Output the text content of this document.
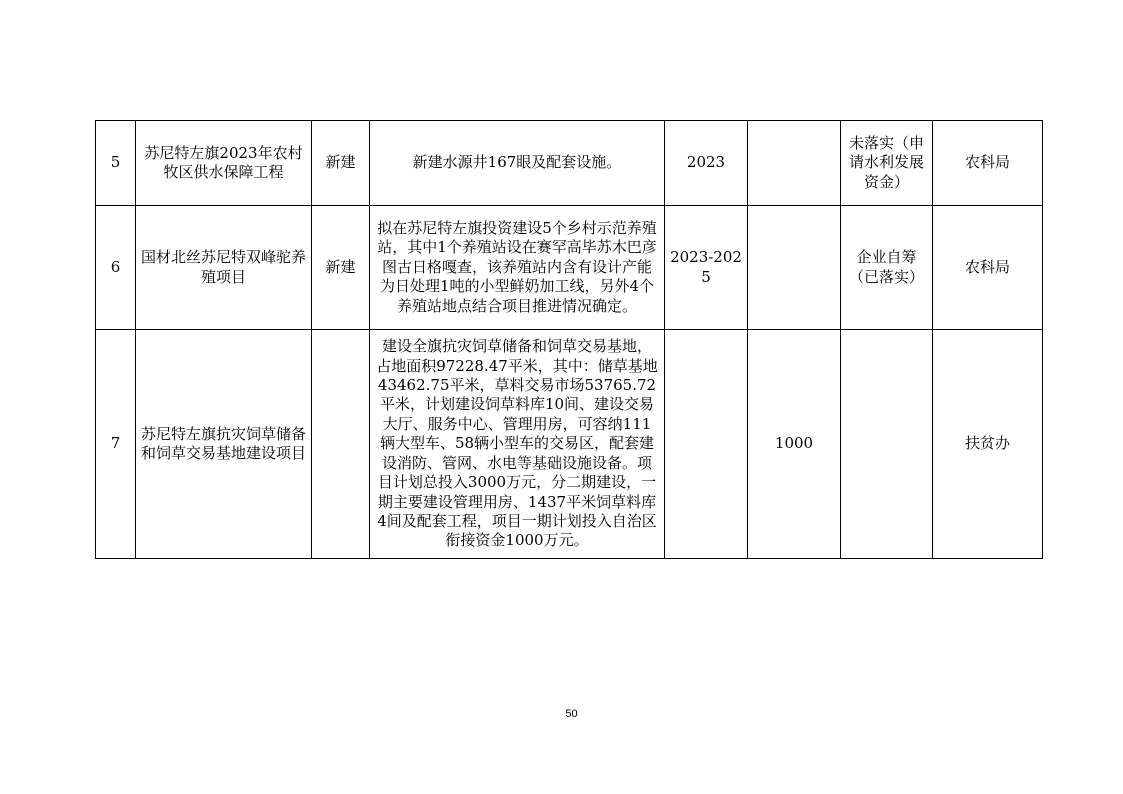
5	苏尼特左旗2023年农村牧区供水保障工程	新建	新建水源井167眼及配套设施。	2023		未落实（申请水利发展资金）	农科局
6	国材北丝苏尼特双峰驼养殖项目	新建	拟在苏尼特左旗投资建设5个乡村示范养殖站，其中1个养殖站设在赛罕高毕苏木巴彦图古日格嘎查，该养殖站内含有设计产能为日处理1吨的小型鲜奶加工线，另外4个养殖站地点结合项目推进情况确定。	2023-2025		企业自筹（已落实）	农科局
7	苏尼特左旗抗灾饲草储备和饲草交易基地建设项目		建设全旗抗灾饲草储备和饲草交易基地，占地面积97228.47平米，其中：储草基地43462.75平米，草料交易市场53765.72平米，计划建设饲草料库10间、建设交易大厅、服务中心、管理用房，可容纳111辆大型车、58辆小型车的交易区，配套建设消防、管网、水电等基础设施设备。项目计划总投入3000万元，分二期建设，一期主要建设管理用房、1437平米饲草料库4间及配套工程，项目一期计划投入自治区衔接资金1000万元。		1000		扶贫办
50
